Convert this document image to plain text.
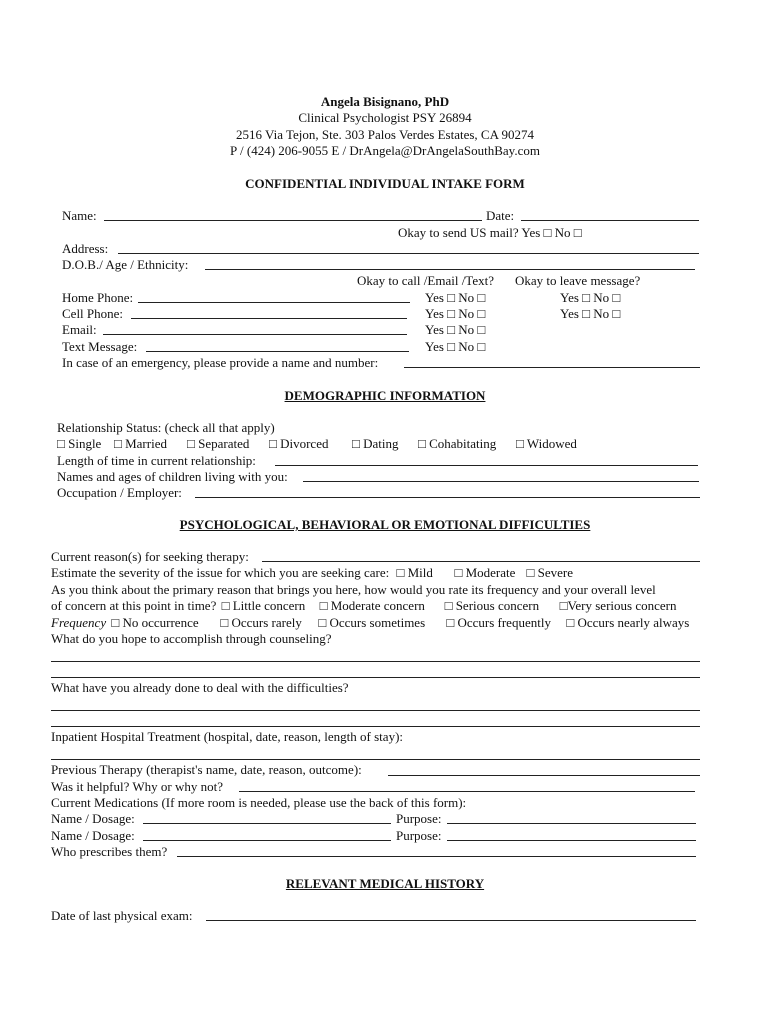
Angela Bisignano, PhD
Clinical Psychologist PSY 26894
2516 Via Tejon, Ste. 303 Palos Verdes Estates, CA 90274
P / (424) 206-9055 E / DrAngela@DrAngelaSouthBay.com
CONFIDENTIAL INDIVIDUAL INTAKE FORM
Name:	Date:
Okay to send US mail? Yes □ No □
Address:
D.O.B./ Age / Ethnicity:
Okay to call /Email /Text? Okay to leave message?
Home Phone:	Yes □ No □	Yes □ No □
Cell Phone:	Yes □ No □	Yes □ No □
Email:	Yes □ No □
Text Message:	Yes □ No □
In case of an emergency, please provide a name and number:
DEMOGRAPHIC INFORMATION
Relationship Status: (check all that apply)
□ Single □ Married □ Separated □ Divorced □ Dating □ Cohabitating □ Widowed
Length of time in current relationship:
Names and ages of children living with you:
Occupation / Employer:
PSYCHOLOGICAL, BEHAVIORAL OR EMOTIONAL DIFFICULTIES
Current reason(s) for seeking therapy:
Estimate the severity of the issue for which you are seeking care: □ Mild □ Moderate □ Severe
As you think about the primary reason that brings you here, how would you rate its frequency and your overall level
of concern at this point in time? □ Little concern □ Moderate concern □ Serious concern □Very serious concern
Frequency □ No occurrence □ Occurs rarely □ Occurs sometimes □ Occurs frequently □ Occurs nearly always
What do you hope to accomplish through counseling?
What have you already done to deal with the difficulties?
Inpatient Hospital Treatment (hospital, date, reason, length of stay):
Previous Therapy (therapist's name, date, reason, outcome):
Was it helpful? Why or why not?
Current Medications (If more room is needed, please use the back of this form):
Name / Dosage:	Purpose:
Name / Dosage:	Purpose:
Who prescribes them?
RELEVANT MEDICAL HISTORY
Date of last physical exam:
